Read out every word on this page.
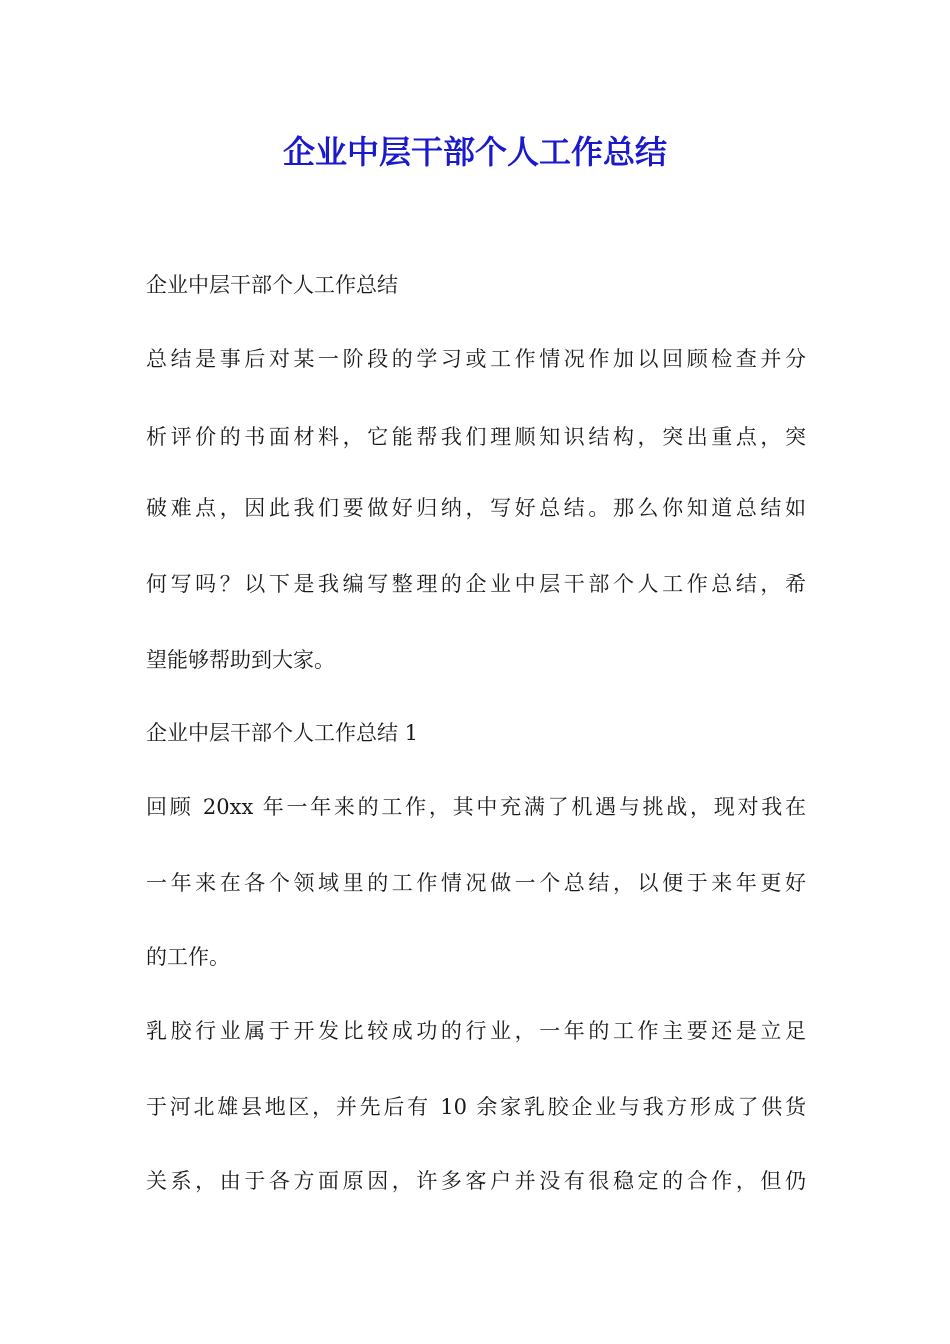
企业中层干部个人工作总结

企业中层干部个人工作总结

总结是事后对某一阶段的学习或工作情况作加以回顾检查并分

析评价的书面材料，它能帮我们理顺知识结构，突出重点，突

破难点，因此我们要做好归纳，写好总结。那么你知道总结如

何写吗？以下是我编写整理的企业中层干部个人工作总结，希

望能够帮助到大家。

企业中层干部个人工作总结 1

回顾 20xx 年一年来的工作，其中充满了机遇与挑战，现对我在

一年来在各个领域里的工作情况做一个总结，以便于来年更好

的工作。

乳胶行业属于开发比较成功的行业，一年的工作主要还是立足

于河北雄县地区，并先后有 10 余家乳胶企业与我方形成了供货

关系，由于各方面原因，许多客户并没有很稳定的合作，但仍
